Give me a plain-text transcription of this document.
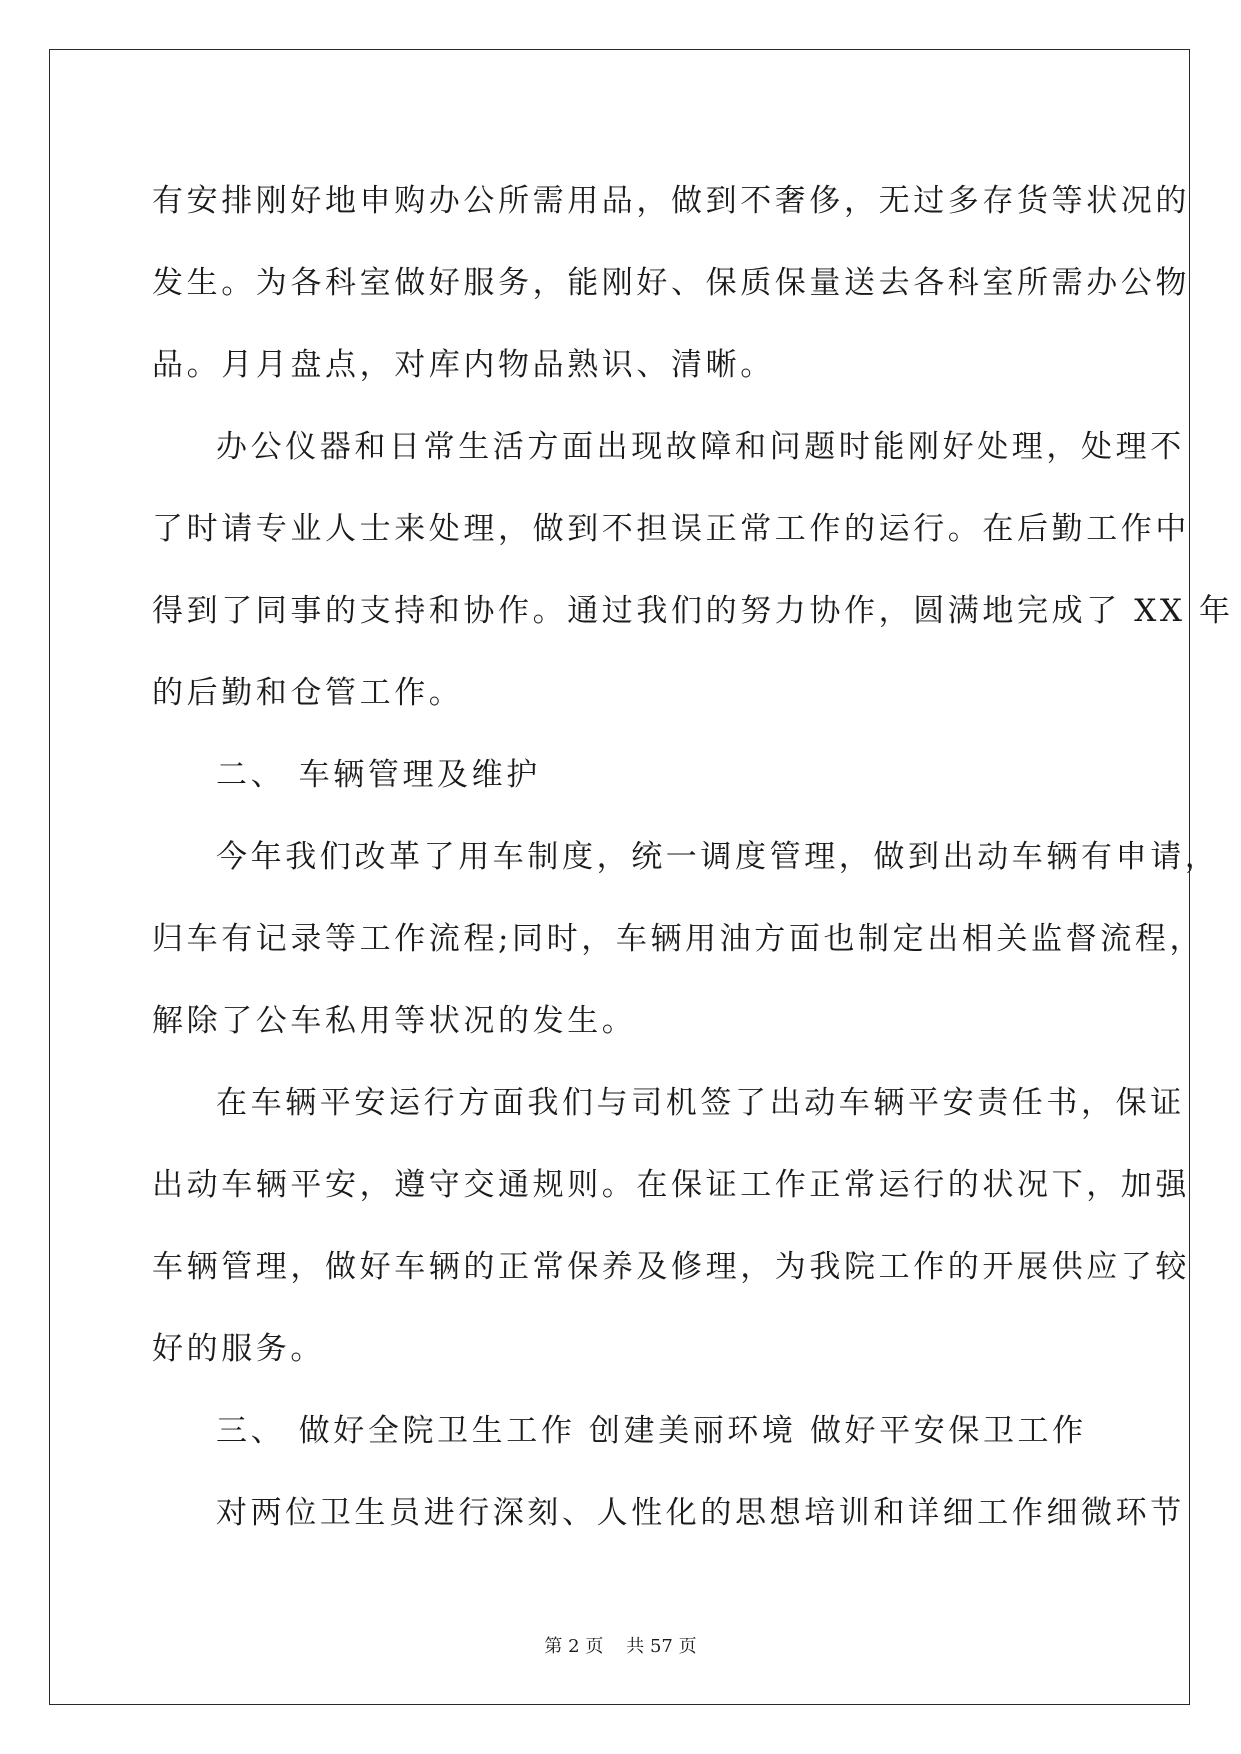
有安排刚好地申购办公所需用品，做到不奢侈，无过多存货等状况的
发生。为各科室做好服务，能刚好、保质保量送去各科室所需办公物
品。月月盘点，对库内物品熟识、清晰。
办公仪器和日常生活方面出现故障和问题时能刚好处理，处理不
了时请专业人士来处理，做到不担误正常工作的运行。在后勤工作中
得到了同事的支持和协作。通过我们的努力协作，圆满地完成了 XX 年
的后勤和仓管工作。
二、 车辆管理及维护
今年我们改革了用车制度，统一调度管理，做到出动车辆有申请，
归车有记录等工作流程;同时，车辆用油方面也制定出相关监督流程，
解除了公车私用等状况的发生。
在车辆平安运行方面我们与司机签了出动车辆平安责任书，保证
出动车辆平安，遵守交通规则。在保证工作正常运行的状况下，加强
车辆管理，做好车辆的正常保养及修理，为我院工作的开展供应了较
好的服务。
三、 做好全院卫生工作 创建美丽环境 做好平安保卫工作
对两位卫生员进行深刻、人性化的思想培训和详细工作细微环节
第 2 页 共 57 页
